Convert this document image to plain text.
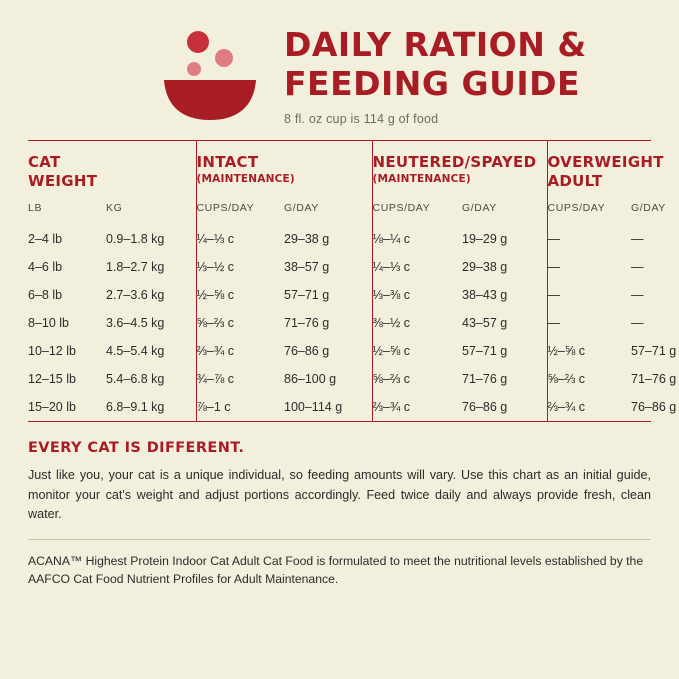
DAILY RATION &
FEEDING GUIDE
8 fl. oz cup is 114 g of food
CAT
WEIGHT

INTACT
(MAINTENANCE)

NEUTERED/SPAYED
(MAINTENANCE)

OVERWEIGHT
ADULT

LB	KG	CUPS/DAY	G/DAY	CUPS/DAY	G/DAY	CUPS/DAY	G/DAY
2–4 lb	0.9–1.8 kg	¼–⅓ c	29–38 g	⅛–¼ c	19–29 g	—	—
4–6 lb	1.8–2.7 kg	⅓–½ c	38–57 g	¼–⅓ c	29–38 g	—	—
6–8 lb	2.7–3.6 kg	½–⅝ c	57–71 g	⅓–⅜ c	38–43 g	—	—
8–10 lb	3.6–4.5 kg	⅝–⅔ c	71–76 g	⅜–½ c	43–57 g	—	—
10–12 lb	4.5–5.4 kg	⅔–¾ c	76–86 g	½–⅝ c	57–71 g	½–⅝ c	57–71 g
12–15 lb	5.4–6.8 kg	¾–⅞ c	86–100 g	⅝–⅔ c	71–76 g	⅝–⅔ c	71–76 g
15–20 lb	6.8–9.1 kg	⅞–1 c	100–114 g	⅔–¾ c	76–86 g	⅔–¾ c	76–86 g
EVERY CAT IS DIFFERENT.
Just like you, your cat is a unique individual, so feeding amounts will vary. Use this chart as an initial guide, monitor your cat's weight and adjust portions accordingly. Feed twice daily and always provide fresh, clean water.
ACANA™ Highest Protein Indoor Cat Adult Cat Food is formulated to meet the nutritional levels established by the AAFCO Cat Food Nutrient Profiles for Adult Maintenance.
